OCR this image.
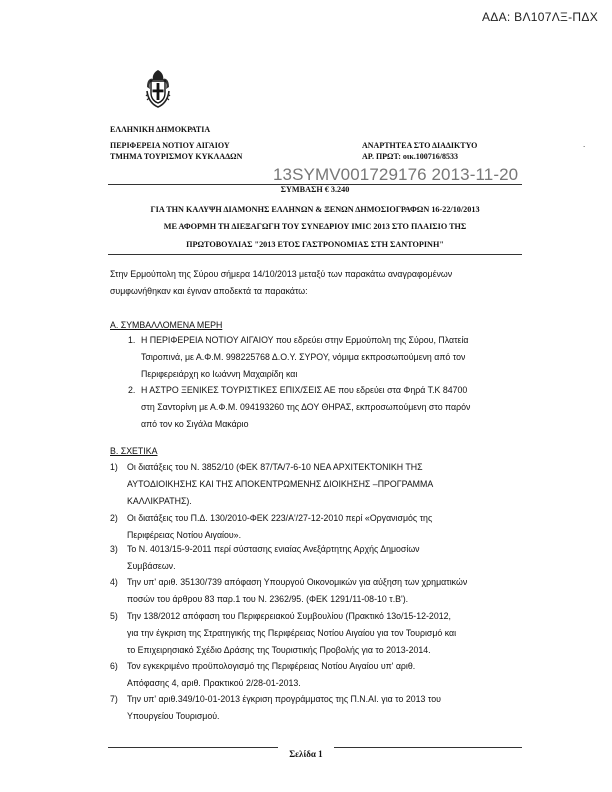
ΑΔΑ: ΒΛ107ΛΞ-ΠΔΧ
ΕΛΛΗΝΙΚΗ ΔΗΜΟΚΡΑΤΙΑ
ΠΕΡΙΦΕΡΕΙΑ ΝΟΤΙΟΥ ΑΙΓΑΙΟΥ
ΤΜΗΜΑ ΤΟΥΡΙΣΜΟΥ ΚΥΚΛΑΔΩΝ
ΑΝΑΡΤΗΤΕΑ ΣΤΟ ΔΙΑΔΙΚΤΥΟ
ΑΡ. ΠΡΩΤ: οικ.100716/8533
.
13SYMV001729176 2013-11-20
ΣΥΜΒΑΣΗ € 3.240
ΓΙΑ ΤΗΝ ΚΑΛΥΨΗ ΔΙΑΜΟΝΗΣ ΕΛΛΗΝΩΝ & ΞΕΝΩΝ ΔΗΜΟΣΙΟΓΡΑΦΩΝ 16-22/10/2013
ΜΕ ΑΦΟΡΜΗ ΤΗ ΔΙΕΞΑΓΩΓΗ ΤΟΥ ΣΥΝΕΔΡΙΟΥ IMIC 2013 ΣΤΟ ΠΛΑΙΣΙΟ ΤΗΣ
ΠΡΩΤΟΒΟΥΛΙΑΣ "2013 ΕΤΟΣ ΓΑΣΤΡΟΝΟΜΙΑΣ ΣΤΗ ΣΑΝΤΟΡΙΝΗ"
Στην Ερμούπολη της Σύρου σήμερα 14/10/2013 μεταξύ των παρακάτω αναγραφομένων
συμφωνήθηκαν και έγιναν αποδεκτά τα παρακάτω:
Α. ΣΥΜΒΑΛΛΟΜΕΝΑ ΜΕΡΗ
1. Η ΠΕΡΙΦΕΡΕΙΑ ΝΟΤΙΟΥ ΑΙΓΑΙΟΥ που εδρεύει στην Ερμούπολη της Σύρου, Πλατεία
Τσιροπινά, με Α.Φ.Μ. 998225768 Δ.Ο.Υ. ΣΥΡΟΥ, νόμιμα εκπροσωπούμενη από τον
Περιφερειάρχη κο Ιωάννη Μαχαιρίδη και
2. Η ΑΣΤΡΟ ΞΕΝΙΚΕΣ ΤΟΥΡΙΣΤΙΚΕΣ ΕΠΙΧ/ΣΕΙΣ ΑΕ που εδρεύει στα Φηρά Τ.Κ 84700
στη Σαντορίνη με Α.Φ.Μ. 094193260 της ΔΟΥ ΘΗΡΑΣ, εκπροσωπούμενη στο παρόν
από τον κο Σιγάλα Μακάριο
Β. ΣΧΕΤΙΚΑ
1) Οι διατάξεις του Ν. 3852/10 (ΦΕΚ 87/ΤΑ/7-6-10 ΝΕΑ ΑΡΧΙΤΕΚΤΟΝΙΚΗ ΤΗΣ
ΑΥΤΟΔΙΟΙΚΗΣΗΣ ΚΑΙ ΤΗΣ ΑΠΟΚΕΝΤΡΩΜΕΝΗΣ ΔΙΟΙΚΗΣΗΣ –ΠΡΟΓΡΑΜΜΑ
ΚΑΛΛΙΚΡΑΤΗΣ).
2) Οι διατάξεις του Π.Δ. 130/2010-ΦΕΚ 223/Α'/27-12-2010 περί «Οργανισμός της
Περιφέρειας Νοτίου Αιγαίου».
3) Το Ν. 4013/15-9-2011 περί σύστασης ενιαίας Ανεξάρτητης Αρχής Δημοσίων
Συμβάσεων.
4) Την υπ' αριθ. 35130/739 απόφαση Υπουργού Οικονομικών για αύξηση των χρηματικών
ποσών του άρθρου 83 παρ.1 του Ν. 2362/95. (ΦΕΚ 1291/11-08-10 τ.Β').
5) Την 138/2012 απόφαση του Περιφερειακού Συμβουλίου (Πρακτικό 13ο/15-12-2012,
για την έγκριση της Στρατηγικής της Περιφέρειας Νοτίου Αιγαίου για τον Τουρισμό και
το Επιχειρησιακό Σχέδιο Δράσης της Τουριστικής Προβολής για το 2013-2014.
6) Τον εγκεκριμένο προϋπολογισμό της Περιφέρειας Νοτίου Αιγαίου υπ' αριθ.
Απόφασης 4, αριθ. Πρακτικού 2/28-01-2013.
7) Την υπ' αριθ.349/10-01-2013 έγκριση προγράμματος της Π.Ν.ΑΙ. για το 2013 του
Υπουργείου Τουρισμού.
Σελίδα 1
